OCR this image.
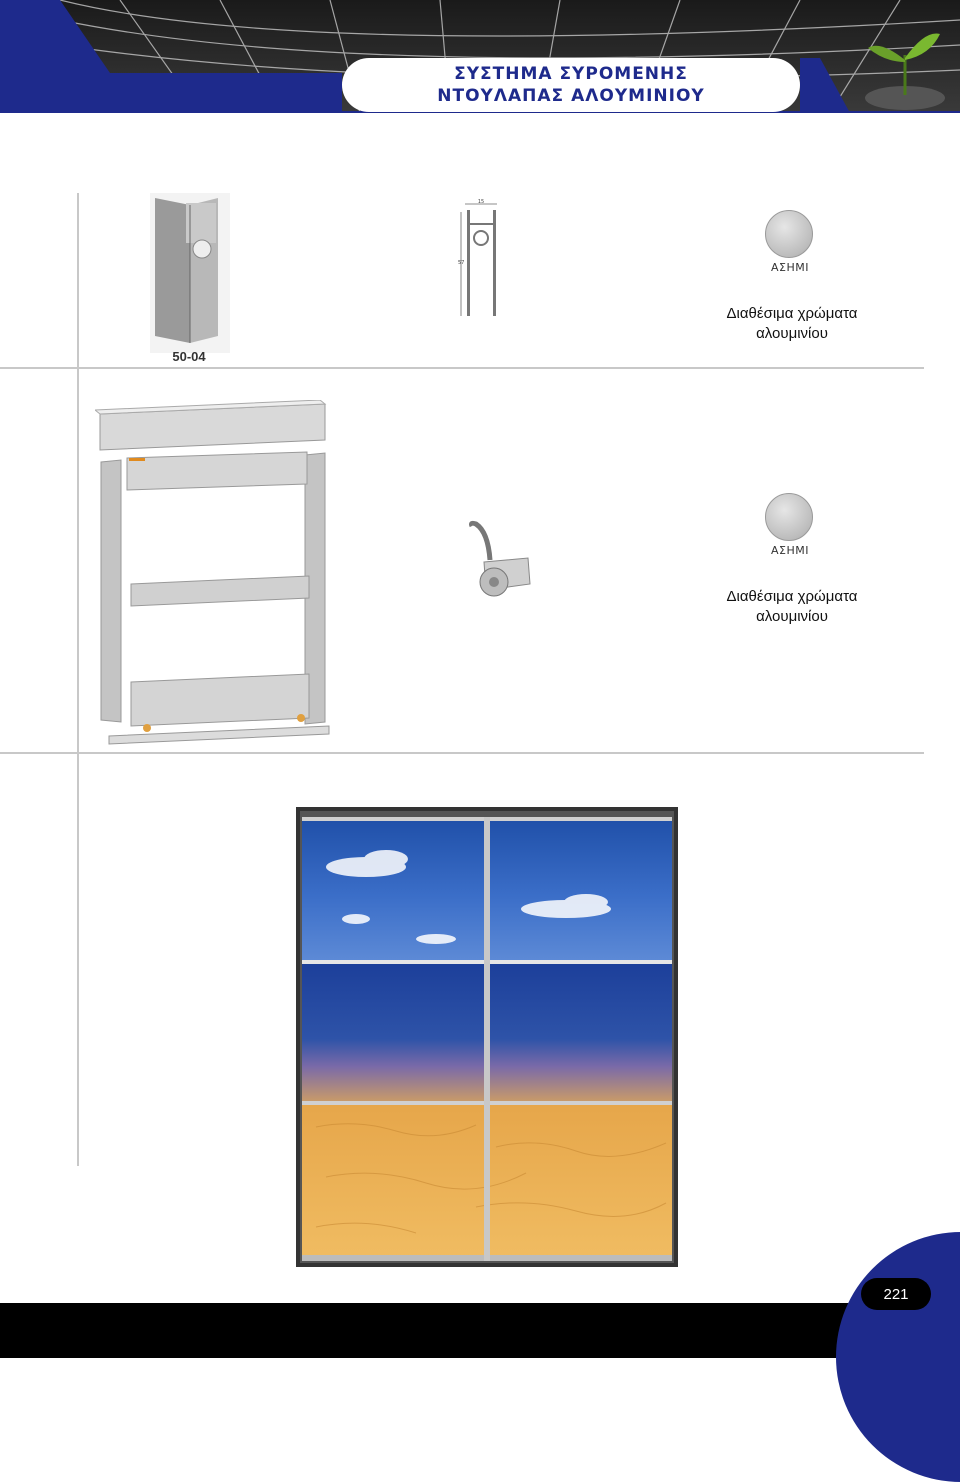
ΣΥΣΤΗΜΑ ΣΥΡΟΜΕΝΗΣ
ΝΤΟΥΛΑΠΑΣ ΑΛΟΥΜΙΝΙΟΥ
50-04
15
57	ΑΣΗΜΙ
Διαθέσιμα χρώματα
αλουμινίου
ΑΣΗΜΙ
Διαθέσιμα χρώματα
αλουμινίου
221
